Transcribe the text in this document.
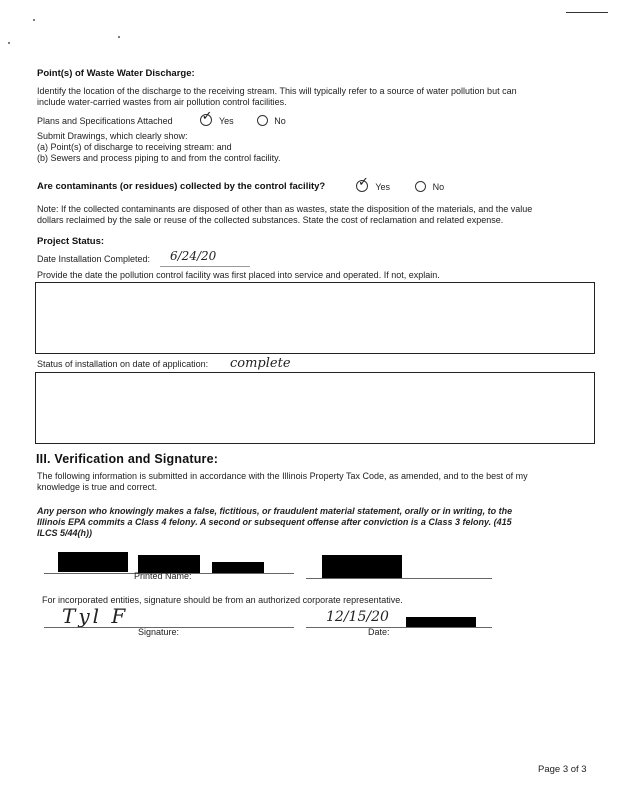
Point(s) of Waste Water Discharge:
Identify the location of the discharge to the receiving stream. This will typically refer to a source of water pollution but can
include water-carried wastes from air pollution control facilities.
Plans and Specifications Attached ✓ Yes	No
Submit Drawings, which clearly show:
(a) Point(s) of discharge to receiving stream: and
(b) Sewers and process piping to and from the control facility.
Are contaminants (or residues) collected by the control facility?	✓ Yes	No
Note: If the collected contaminants are disposed of other than as wastes, state the disposition of the materials, and the value
dollars reclaimed by the sale or reuse of the collected substances. State the cost of reclamation and related expense.
Project Status:
Date Installation Completed: 6/24/20
Provide the date the pollution control facility was first placed into service and operated. If not, explain.
Status of installation on date of application: complete
III. Verification and Signature:
The following information is submitted in accordance with the Illinois Property Tax Code, as amended, and to the best of my
knowledge is true and correct.
Any person who knowingly makes a false, fictitious, or fraudulent material statement, orally or in writing, to the
Illinois EPA commits a Class 4 felony. A second or subsequent offense after conviction is a Class 3 felony. (415
ILCS 5/44(h))
Printed Name:
For incorporated entities, signature should be from an authorized corporate representative.
Tyl F
Signature:
12/15/20
Date:
Page 3 of 3
